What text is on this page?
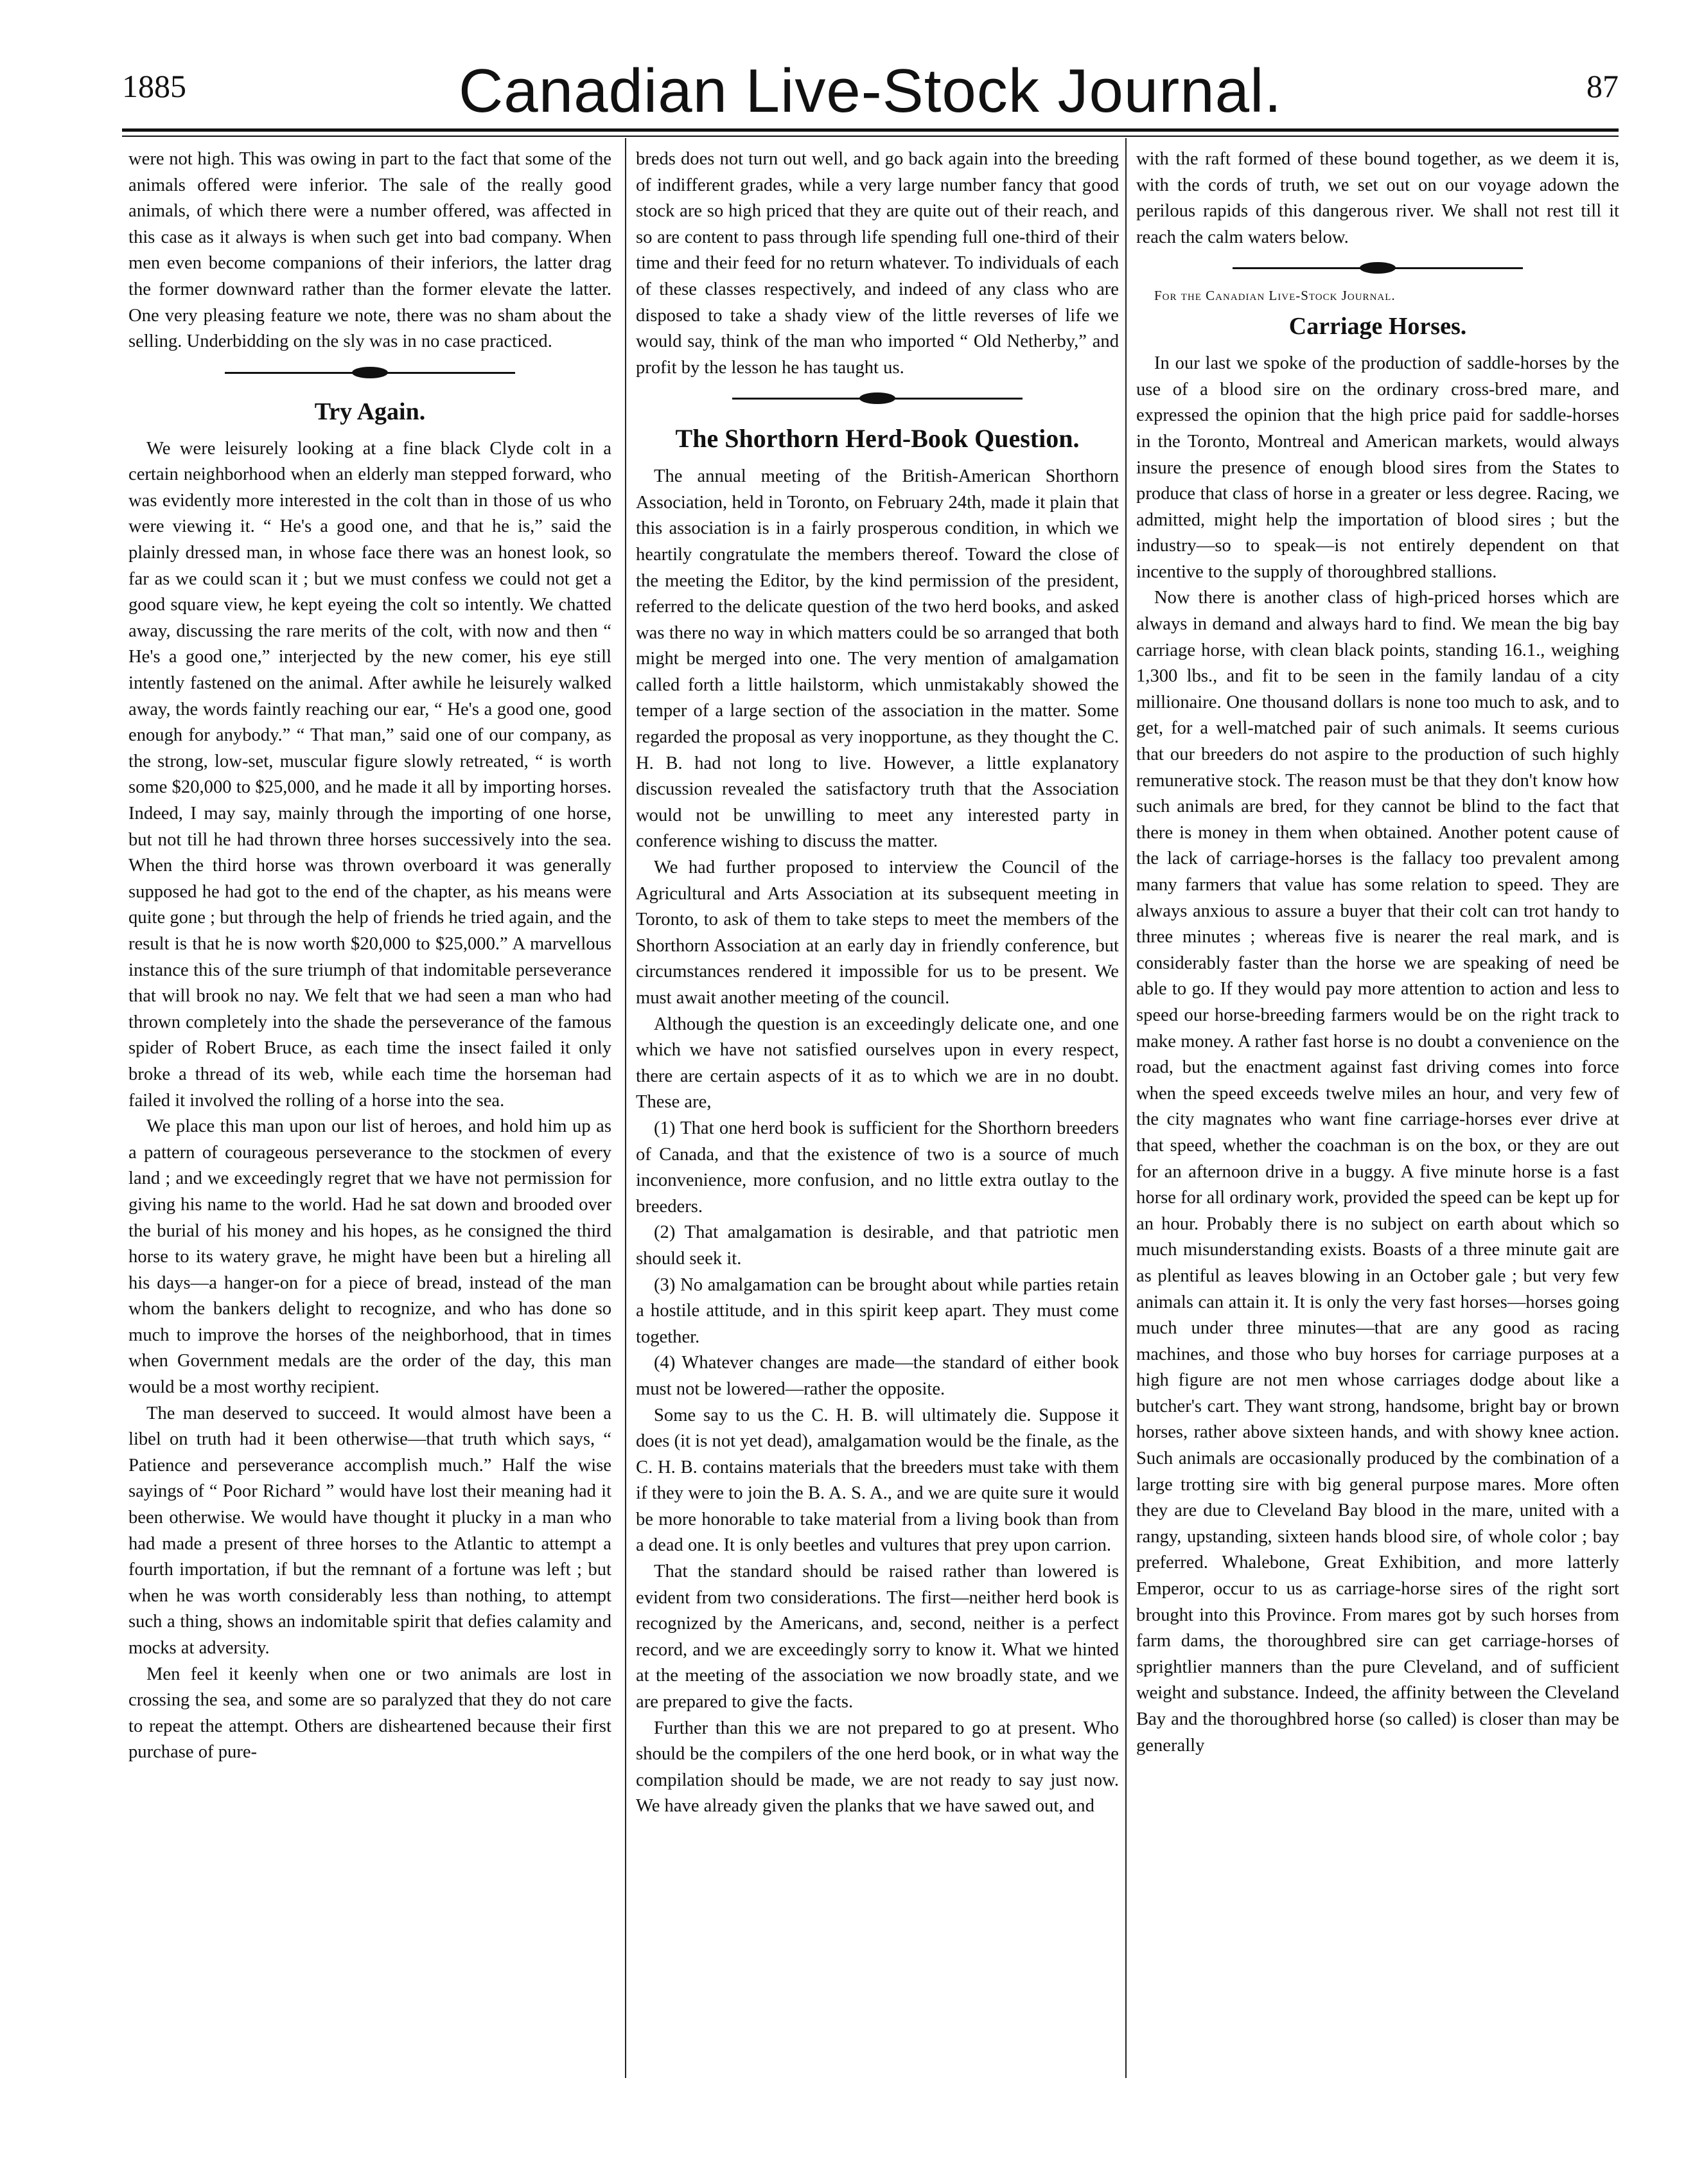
1885	Canadian Live-Stock Journal.	87

were not high. This was owing in part to the fact that some of the animals offered were inferior. The sale of the really good animals, of which there were a number offered, was affected in this case as it always is when such get into bad company. When men even become companions of their inferiors, the latter drag the former downward rather than the former elevate the latter. One very pleasing feature we note, there was no sham about the selling. Underbidding on the sly was in no case practiced.

Try Again.

We were leisurely looking at a fine black Clyde colt in a certain neighborhood when an elderly man stepped forward, who was evidently more interested in the colt than in those of us who were viewing it. “ He's a good one, and that he is,” said the plainly dressed man, in whose face there was an honest look, so far as we could scan it ; but we must confess we could not get a good square view, he kept eyeing the colt so intently. We chatted away, discussing the rare merits of the colt, with now and then “ He's a good one,” interjected by the new comer, his eye still intently fastened on the animal. After awhile he leisurely walked away, the words faintly reaching our ear, “ He's a good one, good enough for anybody.” “ That man,” said one of our company, as the strong, low-set, muscular figure slowly retreated, “ is worth some $20,000 to $25,000, and he made it all by importing horses. Indeed, I may say, mainly through the importing of one horse, but not till he had thrown three horses successively into the sea. When the third horse was thrown overboard it was generally supposed he had got to the end of the chapter, as his means were quite gone ; but through the help of friends he tried again, and the result is that he is now worth $20,000 to $25,000.” A marvellous instance this of the sure triumph of that indomitable perseverance that will brook no nay. We felt that we had seen a man who had thrown completely into the shade the perseverance of the famous spider of Robert Bruce, as each time the insect failed it only broke a thread of its web, while each time the horseman had failed it involved the rolling of a horse into the sea.

We place this man upon our list of heroes, and hold him up as a pattern of courageous perseverance to the stockmen of every land ; and we exceedingly regret that we have not permission for giving his name to the world. Had he sat down and brooded over the burial of his money and his hopes, as he consigned the third horse to its watery grave, he might have been but a hireling all his days—a hanger-on for a piece of bread, instead of the man whom the bankers delight to recognize, and who has done so much to improve the horses of the neighborhood, that in times when Government medals are the order of the day, this man would be a most worthy recipient.

The man deserved to succeed. It would almost have been a libel on truth had it been otherwise—that truth which says, “ Patience and perseverance accomplish much.” Half the wise sayings of “ Poor Richard ” would have lost their meaning had it been otherwise. We would have thought it plucky in a man who had made a present of three horses to the Atlantic to attempt a fourth importation, if but the remnant of a fortune was left ; but when he was worth considerably less than nothing, to attempt such a thing, shows an indomitable spirit that defies calamity and mocks at adversity.

Men feel it keenly when one or two animals are lost in crossing the sea, and some are so paralyzed that they do not care to repeat the attempt. Others are disheartened because their first purchase of pure-

breds does not turn out well, and go back again into the breeding of indifferent grades, while a very large number fancy that good stock are so high priced that they are quite out of their reach, and so are content to pass through life spending full one-third of their time and their feed for no return whatever. To individuals of each of these classes respectively, and indeed of any class who are disposed to take a shady view of the little reverses of life we would say, think of the man who imported “ Old Netherby,” and profit by the lesson he has taught us.

The Shorthorn Herd-Book Question.

The annual meeting of the British-American Shorthorn Association, held in Toronto, on February 24th, made it plain that this association is in a fairly prosperous condition, in which we heartily congratulate the members thereof. Toward the close of the meeting the Editor, by the kind permission of the president, referred to the delicate question of the two herd books, and asked was there no way in which matters could be so arranged that both might be merged into one. The very mention of amalgamation called forth a little hailstorm, which unmistakably showed the temper of a large section of the association in the matter. Some regarded the proposal as very inopportune, as they thought the C. H. B. had not long to live. However, a little explanatory discussion revealed the satisfactory truth that the Association would not be unwilling to meet any interested party in conference wishing to discuss the matter.

We had further proposed to interview the Council of the Agricultural and Arts Association at its subsequent meeting in Toronto, to ask of them to take steps to meet the members of the Shorthorn Association at an early day in friendly conference, but circumstances rendered it impossible for us to be present. We must await another meeting of the council.

Although the question is an exceedingly delicate one, and one which we have not satisfied ourselves upon in every respect, there are certain aspects of it as to which we are in no doubt. These are,

(1) That one herd book is sufficient for the Shorthorn breeders of Canada, and that the existence of two is a source of much inconvenience, more confusion, and no little extra outlay to the breeders.

(2) That amalgamation is desirable, and that patriotic men should seek it.

(3) No amalgamation can be brought about while parties retain a hostile attitude, and in this spirit keep apart. They must come together.

(4) Whatever changes are made—the standard of either book must not be lowered—rather the opposite.

Some say to us the C. H. B. will ultimately die. Suppose it does (it is not yet dead), amalgamation would be the finale, as the C. H. B. contains materials that the breeders must take with them if they were to join the B. A. S. A., and we are quite sure it would be more honorable to take material from a living book than from a dead one. It is only beetles and vultures that prey upon carrion.

That the standard should be raised rather than lowered is evident from two considerations. The first—neither herd book is recognized by the Americans, and, second, neither is a perfect record, and we are exceedingly sorry to know it. What we hinted at the meeting of the association we now broadly state, and we are prepared to give the facts.

Further than this we are not prepared to go at present. Who should be the compilers of the one herd book, or in what way the compilation should be made, we are not ready to say just now. We have already given the planks that we have sawed out, and

with the raft formed of these bound together, as we deem it is, with the cords of truth, we set out on our voyage adown the perilous rapids of this dangerous river. We shall not rest till it reach the calm waters below.

For the Canadian Live-Stock Journal.

Carriage Horses.

In our last we spoke of the production of saddle-horses by the use of a blood sire on the ordinary cross-bred mare, and expressed the opinion that the high price paid for saddle-horses in the Toronto, Montreal and American markets, would always insure the presence of enough blood sires from the States to produce that class of horse in a greater or less degree. Racing, we admitted, might help the importation of blood sires ; but the industry—so to speak—is not entirely dependent on that incentive to the supply of thoroughbred stallions.

Now there is another class of high-priced horses which are always in demand and always hard to find. We mean the big bay carriage horse, with clean black points, standing 16.1., weighing 1,300 lbs., and fit to be seen in the family landau of a city millionaire. One thousand dollars is none too much to ask, and to get, for a well-matched pair of such animals. It seems curious that our breeders do not aspire to the production of such highly remunerative stock. The reason must be that they don't know how such animals are bred, for they cannot be blind to the fact that there is money in them when obtained. Another potent cause of the lack of carriage-horses is the fallacy too prevalent among many farmers that value has some relation to speed. They are always anxious to assure a buyer that their colt can trot handy to three minutes ; whereas five is nearer the real mark, and is considerably faster than the horse we are speaking of need be able to go. If they would pay more attention to action and less to speed our horse-breeding farmers would be on the right track to make money. A rather fast horse is no doubt a convenience on the road, but the enactment against fast driving comes into force when the speed exceeds twelve miles an hour, and very few of the city magnates who want fine carriage-horses ever drive at that speed, whether the coachman is on the box, or they are out for an afternoon drive in a buggy. A five minute horse is a fast horse for all ordinary work, provided the speed can be kept up for an hour. Probably there is no subject on earth about which so much misunderstanding exists. Boasts of a three minute gait are as plentiful as leaves blowing in an October gale ; but very few animals can attain it. It is only the very fast horses—horses going much under three minutes—that are any good as racing machines, and those who buy horses for carriage purposes at a high figure are not men whose carriages dodge about like a butcher's cart. They want strong, handsome, bright bay or brown horses, rather above sixteen hands, and with showy knee action. Such animals are occasionally produced by the combination of a large trotting sire with big general purpose mares. More often they are due to Cleveland Bay blood in the mare, united with a rangy, upstanding, sixteen hands blood sire, of whole color ; bay preferred. Whalebone, Great Exhibition, and more latterly Emperor, occur to us as carriage-horse sires of the right sort brought into this Province. From mares got by such horses from farm dams, the thoroughbred sire can get carriage-horses of sprightlier manners than the pure Cleveland, and of sufficient weight and substance. Indeed, the affinity between the Cleveland Bay and the thoroughbred horse (so called) is closer than may be generally
